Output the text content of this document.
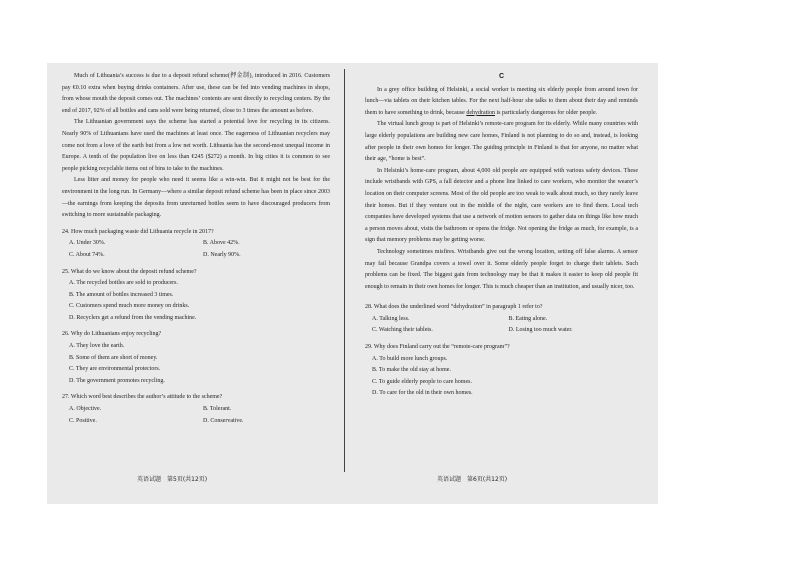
Much of Lithuania’s success is due to a deposit refund scheme(押金制), introduced in 2016. Customers pay €0.10 extra when buying drinks containers. After use, these can be fed into vending machines in shops, from whose mouth the deposit comes out. The machines’ contents are sent directly to recycling centers. By the end of 2017, 92% of all bottles and cans sold were being returned, close to 3 times the amount as before.

The Lithuanian government says the scheme has started a potential love for recycling in its citizens. Nearly 90% of Lithuanians have used the machines at least once. The eagerness of Lithuanian recyclers may come not from a love of the earth but from a low net worth. Lithuania has the second-most unequal income in Europe. A tenth of the population live on less than €245 ($272) a month. In big cities it is common to see people picking recyclable items out of bins to take to the machines.

Less litter and money for people who need it seems like a win-win. But it might not be best for the environment in the long run. In Germany—where a similar deposit refund scheme has been in place since 2003—the earnings from keeping the deposits from unreturned bottles seem to have discouraged producers from switching to more sustainable packaging.

24. How much packaging waste did Lithuania recycle in 2017?
A. Under 30%.	B. Above 42%.
C. About 74%.	D. Nearly 90%.
25. What do we know about the deposit refund scheme?
A. The recycled bottles are sold to producers.
B. The amount of bottles increased 3 times.
C. Customers spend much more money on drinks.
D. Recyclers get a refund from the vending machine.
26. Why do Lithuanians enjoy recycling?
A. They love the earth.
B. Some of them are short of money.
C. They are environmental protectors.
D. The government promotes recycling.
27. Which word best describes the author’s attitude to the scheme?
A. Objective.	B. Tolerant.
C. Positive.	D. Conservative.
C

In a grey office building of Helsinki, a social worker is meeting six elderly people from around town for lunch—via tablets on their kitchen tables. For the next half-hour she talks to them about their day and reminds them to have something to drink, because dehydration is particularly dangerous for older people.

The virtual lunch group is part of Helsinki’s remote-care program for its elderly. While many countries with large elderly populations are building new care homes, Finland is not planning to do so and, instead, is looking after people in their own homes for longer. The guiding principle in Finland is that for anyone, no matter what their age, “home is best”.

In Helsinki’s home-care program, about 4,000 old people are equipped with various safety devices. These include wristbands with GPS, a fall detector and a phone line linked to care workers, who monitor the wearer’s location on their computer screens. Most of the old people are too weak to walk about much, so they rarely leave their homes. But if they venture out in the middle of the night, care workers are to find them. Local tech companies have developed systems that use a network of motion sensors to gather data on things like how much a person moves about, visits the bathroom or opens the fridge. Not opening the fridge as much, for example, is a sign that memory problems may be getting worse.

Technology sometimes misfires. Wristbands give out the wrong location, setting off false alarms. A sensor may fail because Grandpa covers a towel over it. Some elderly people forget to charge their tablets. Such problems can be fixed. The biggest gain from technology may be that it makes it easier to keep old people fit enough to remain in their own homes for longer. This is much cheaper than an institution, and usually nicer, too.

28. What does the underlined word “dehydration” in paragraph 1 refer to?
A. Talking less.	B. Eating alone.
C. Watching their tablets.	D. Losing too much water.
29. Why does Finland carry out the “remote-care program”?
A. To build more lunch groups.
B. To make the old stay at home.
C. To guide elderly people to care homes.
D. To care for the old in their own homes.
英语试题　第5页(共12页)	英语试题　第6页(共12页)
